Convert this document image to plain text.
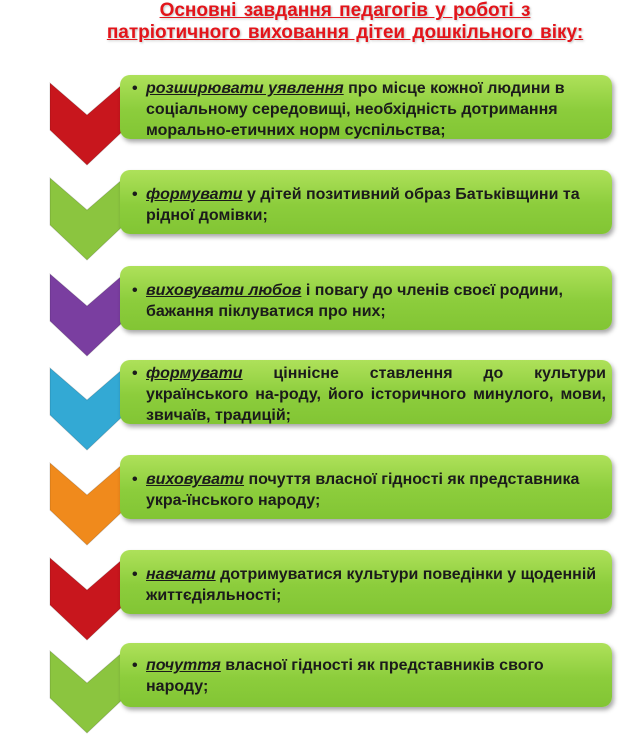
Основні завдання педагогів у роботі з
патріотичного виховання дітеи дошкільного віку:
• розширювати уявлення про місце кожної людини в соціальному середовищі, необхідність дотримання морально-етичних норм суспільства;
• формувати у дітей позитивний образ Батьківщини та рідної домівки;
• виховувати любов і повагу до членів своєї родини, бажання піклуватися про них;
• формувати ціннісне ставлення до культури українського на-роду, його історичного минулого, мови, звичаїв, традицій;
• виховувати почуття власної гідності як представника укра-їнського народу;
• навчати дотримуватися культури поведінки у щоденній життєдіяльності;
• почуття власної гідності як представників свого народу;
